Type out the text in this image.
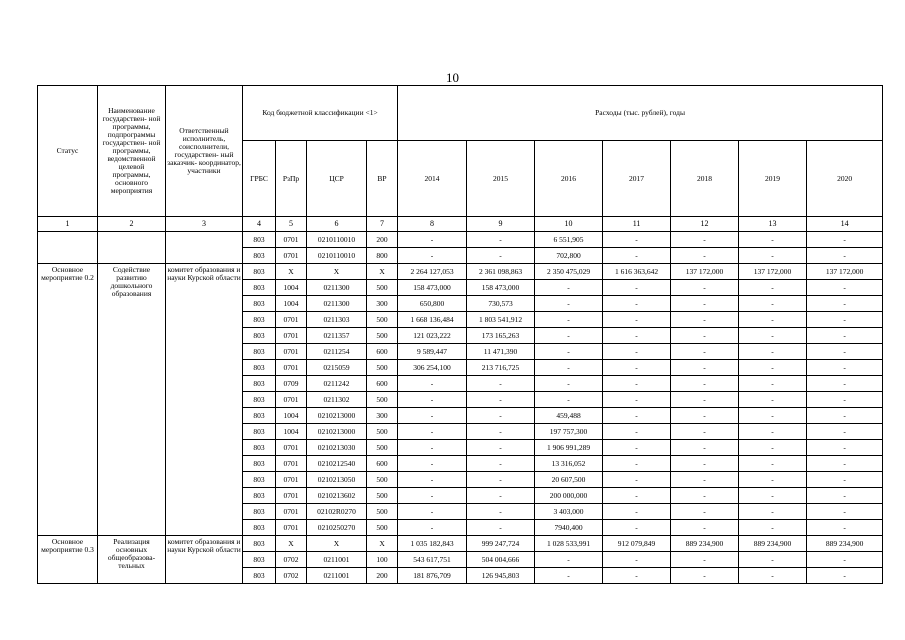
10
Статус	Наименование государствен- ной программы, подпрограммы государствен- ной программы, ведомственной целевой программы, основного мероприятия	Ответственный исполнитель, соисполнители, государствен- ный заказчик- координатор, участники	Код бюджетной классификации <1>				Расходы (тыс. рублей), годы						
			ГРБС	РзПр	ЦСР	ВР	2014	2015	2016	2017	2018	2019	2020
1	2	3	4	5	6	7	8	9	10	11	12	13	14
			803	0701	0210110010	200	-	-	6 551,905	-	-	-	-
			803	0701	0210110010	800	-	-	702,800	-	-	-	-
Основное мероприятие 0.2	Содействие развитию дошкольного образования	комитет образования и науки Курской области	803	X	X	X	2 264 127,053	2 361 098,863	2 350 475,029	1 616 363,642	137 172,000	137 172,000	137 172,000
			803	1004	0211300	500	158 473,000	158 473,000	-	-	-	-	-
			803	1004	0211300	300	650,800	730,573	-	-	-	-	-
			803	0701	0211303	500	1 668 136,484	1 803 541,912	-	-	-	-	-
			803	0701	0211357	500	121 023,222	173 165,263	-	-	-	-	-
			803	0701	0211254	600	9 589,447	11 471,390	-	-	-	-	-
			803	0701	0215059	500	306 254,100	213 716,725	-	-	-	-	-
			803	0709	0211242	600	-	-	-	-	-	-	-
			803	0701	0211302	500	-	-	-	-	-	-	-
			803	1004	0210213000	300	-	-	459,488	-	-	-	-
			803	1004	0210213000	500	-	-	197 757,300	-	-	-	-
			803	0701	0210213030	500	-	-	1 906 991,289	-	-	-	-
			803	0701	0210212540	600	-	-	13 316,052	-	-	-	-
			803	0701	0210213050	500	-	-	20 607,500	-	-	-	-
			803	0701	0210213602	500	-	-	200 000,000	-	-	-	-
			803	0701	02102R0270	500	-	-	3 403,000	-	-	-	-
			803	0701	0210250270	500	-	-	7940,400	-	-	-	-
Основное мероприятие 0.3	Реализация основных общеобразова- тельных	комитет образования и науки Курской области	803	X	X	X	1 035 182,843	999 247,724	1 028 533,991	912 079,849	889 234,900	889 234,900	889 234,900
			803	0702	0211001	100	543 617,751	504 004,666	-	-	-	-	-
			803	0702	0211001	200	181 876,709	126 945,803	-	-	-	-	-
